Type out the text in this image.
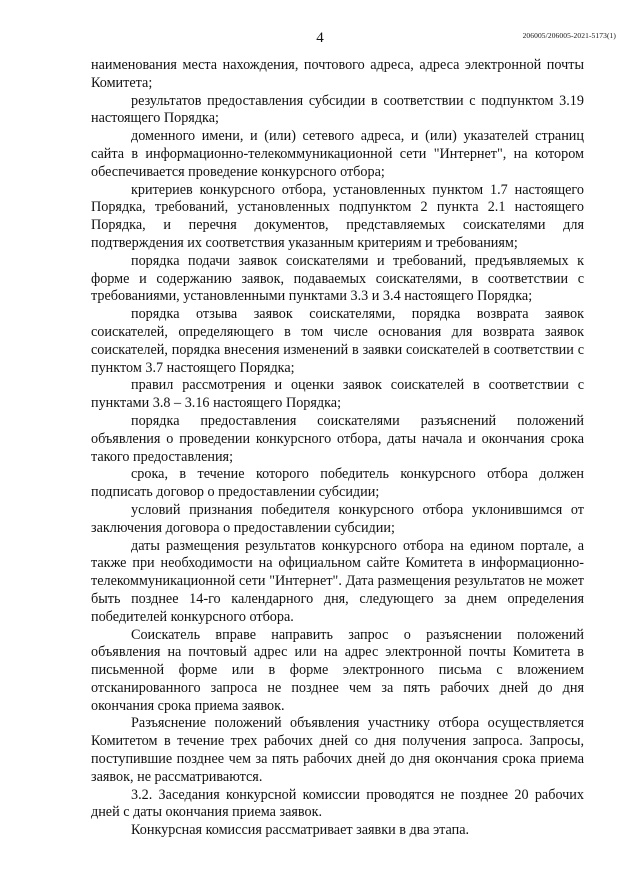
4	206005/206005-2021-5173(1)

наименования места нахождения, почтового адреса, адреса электронной почты Комитета;

результатов предоставления субсидии в соответствии с подпунктом 3.19 настоящего Порядка;

доменного имени, и (или) сетевого адреса, и (или) указателей страниц сайта в информационно-телекоммуникационной сети "Интернет", на котором обеспечивается проведение конкурсного отбора;

критериев конкурсного отбора, установленных пунктом 1.7 настоящего Порядка, требований, установленных подпунктом 2 пункта 2.1 настоящего Порядка, и перечня документов, представляемых соискателями для подтверждения их соответствия указанным критериям и требованиям;

порядка подачи заявок соискателями и требований, предъявляемых к форме и содержанию заявок, подаваемых соискателями, в соответствии с требованиями, установленными пунктами 3.3 и 3.4 настоящего Порядка;

порядка отзыва заявок соискателями, порядка возврата заявок соискателей, определяющего в том числе основания для возврата заявок соискателей, порядка внесения изменений в заявки соискателей в соответствии с пунктом 3.7 настоящего Порядка;

правил рассмотрения и оценки заявок соискателей в соответствии с пунктами 3.8 – 3.16 настоящего Порядка;

порядка предоставления соискателями разъяснений положений объявления о проведении конкурсного отбора, даты начала и окончания срока такого предоставления;

срока, в течение которого победитель конкурсного отбора должен подписать договор о предоставлении субсидии;

условий признания победителя конкурсного отбора уклонившимся от заключения договора о предоставлении субсидии;

даты размещения результатов конкурсного отбора на едином портале, а также при необходимости на официальном сайте Комитета в информационно-телекоммуникационной сети "Интернет". Дата размещения результатов не может быть позднее 14-го календарного дня, следующего за днем определения победителей конкурсного отбора.

Соискатель вправе направить запрос о разъяснении положений объявления на почтовый адрес или на адрес электронной почты Комитета в письменной форме или в форме электронного письма с вложением отсканированного запроса не позднее чем за пять рабочих дней до дня окончания срока приема заявок.

Разъяснение положений объявления участнику отбора осуществляется Комитетом в течение трех рабочих дней со дня получения запроса. Запросы, поступившие позднее чем за пять рабочих дней до дня окончания срока приема заявок, не рассматриваются.

3.2. Заседания конкурсной комиссии проводятся не позднее 20 рабочих дней с даты окончания приема заявок.

Конкурсная комиссия рассматривает заявки в два этапа.
